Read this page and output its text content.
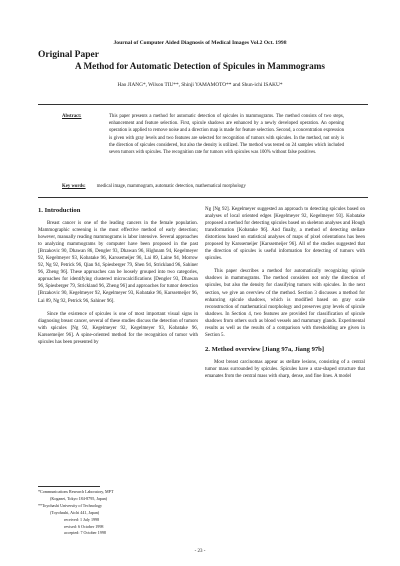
Journal of Computer Aided Diagnosis of Medical Images Vol.2 Oct. 1998
Original Paper
A Method for Automatic Detection of Spicules in Mammograms
Hao JIANG*, Wilson TIU**, Shinji YAMAMOTO** and Shun-ichi ISAKU*
Abstract:	This paper presents a method for automatic detection of spicules in mammograms. The method consists of two steps, enhancement and feature selection. First, spicule shadows are enhanced by a newly developed operation. An opening operation is applied to remove noise and a direction map is made for feature selection. Second, a concentration expression is given with gray levels and two features are selected for recognition of tumors with spicules. In the method, not only is the direction of spicules considered, but also the density is utilized. The method was tested on 24 samples which included seven tumors with spicules. The recognition rate for tumors with spicules was 100% without false positives.
Key words: medical image, mammogram, automatic detection, mathematical morphology
1. Introduction

Breast cancer is one of the leading cancers in the female population. Mammographic screening is the most effective method of early detection; however, manually reading mammograms is labor intensive. Several approaches to analyzing mammograms by computer have been proposed in the past [Brzakovic 90, Dhawan 86, Dengler 93, Dhawan 96, Highnam 94, Kegelmeyer 92, Kegelmeyer 93, Kobatake 96, Karssemeijer 96, Lai 89, Laine 94, Morrow 92, Ng 92, Petrick 96, Qian 94, Spiesberger 79, Shen 94, Strickland 96, Sahiner 96, Zheng 96]. These approaches can be loosely grouped into two categories, approaches for identifying clustered microcalcifications [Dengler 93, Dhawan 96, Spiesberger 79, Strickland 96, Zheng 96] and approaches for tumor detection [Brzakovic 90, Kegelmeyer 92, Kegelmeyer 93, Kobatake 96, Karssemeijer 96, Lai 89, Ng 92, Petrick 96, Sahiner 96].

Since the existence of spicules is one of most important visual signs in diagnosing breast cancer, several of these studies discuss the detection of tumors with spicules [Ng 92, Kegelmeyer 92, Kegelmeyer 93, Kobatake 96, Karssemeijer 96]. A spine-oriented method for the recognition of tumor with spicules has been presented by

Ng [Ng 92]. Kegelmeyer suggested an approach to detecting spicules based on analyses of local oriented edges [Kegelmeyer 92, Kegelmeyer 93]. Kobatake proposed a method for detecting spicules based on skeleton analyses and Hough transformation [Kobatake 96]. And finally, a method of detecting stellate distortions based on statistical analyses of maps of pixel orientations has been proposed by Karssemeijer [Karssemeijer 96]. All of the studies suggested that the direction of spicules is useful information for detecting of tumors with spicules.

This paper describes a method for automatically recognizing spicule shadows in mammograms. The method considers not only the direction of spicules, but also the density for classifying tumors with spicules. In the next section, we give an overview of the method. Section 3 discusses a method for enhancing spicule shadows, which is modified based on gray scale reconstruction of mathematical morphology and preserves gray levels of spicule shadows. In Section 4, two features are provided for classification of spicule shadows from others such as blood vessels and mammary glands. Experimental results as well as the results of a comparison with thresholding are given in Section 5.

2. Method overview [Jiang 97a, Jiang 97b]

Most breast carcinomas appear as stellate lesions, consisting of a central tumor mass surrounded by spicules. Spicules have a star-shaped structure that emanates from the central mass with sharp, dense, and fine lines. A model

*Communications Research Laboratory, MPT
(Koganei, Tokyo 184-8795, Japan)
**Toyohashi University of Technology
(Toyohashi, Aichi 441, Japan)
received: 1 July 1998
revised: 6 October 1998
accepted: 7 October 1998
- 23 -
